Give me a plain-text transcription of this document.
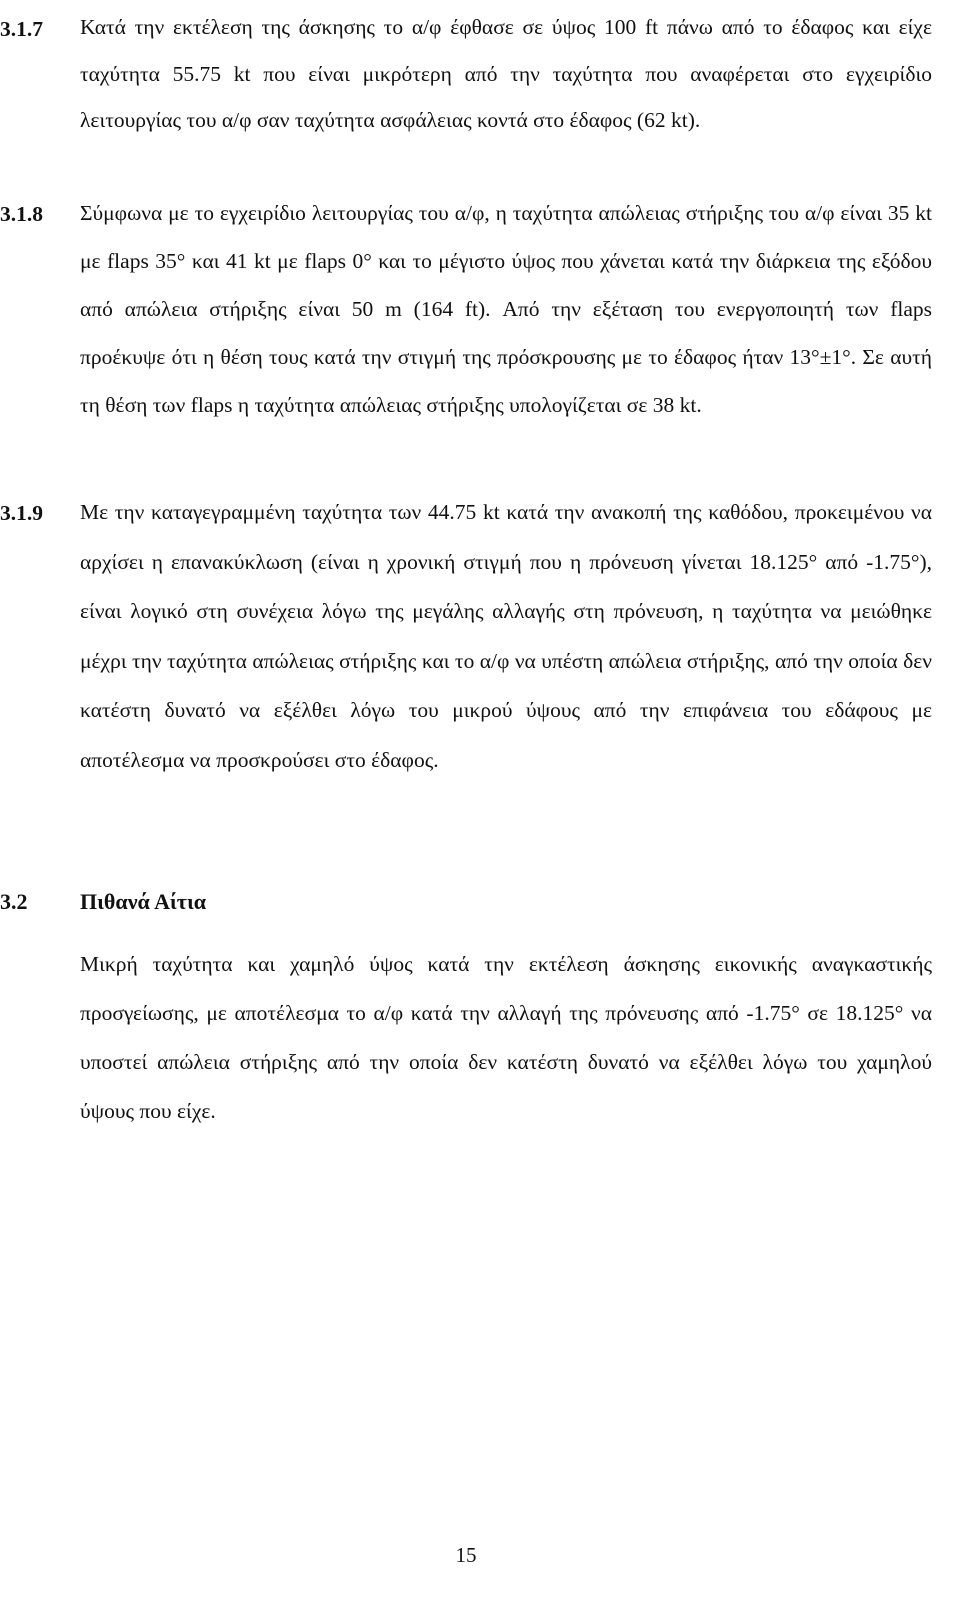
3.1.7 Κατά την εκτέλεση της άσκησης το α/φ έφθασε σε ύψος 100 ft πάνω από το έδαφος και είχε ταχύτητα 55.75 kt που είναι μικρότερη από την ταχύτητα που αναφέρεται στο εγχειρίδιο λειτουργίας του α/φ σαν ταχύτητα ασφάλειας κοντά στο έδαφος (62 kt).

3.1.8 Σύμφωνα με το εγχειρίδιο λειτουργίας του α/φ, η ταχύτητα απώλειας στήριξης του α/φ είναι 35 kt με flaps 35° και 41 kt με flaps 0° και το μέγιστο ύψος που χάνεται κατά την διάρκεια της εξόδου από απώλεια στήριξης είναι 50 m (164 ft). Από την εξέταση του ενεργοποιητή των flaps προέκυψε ότι η θέση τους κατά την στιγμή της πρόσκρουσης με το έδαφος ήταν 13°±1°. Σε αυτή τη θέση των flaps η ταχύτητα απώλειας στήριξης υπολογίζεται σε 38 kt.

3.1.9 Με την καταγεγραμμένη ταχύτητα των 44.75 kt κατά την ανακοπή της καθόδου, προκειμένου να αρχίσει η επανακύκλωση (είναι η χρονική στιγμή που η πρόνευση γίνεται 18.125° από -1.75°), είναι λογικό στη συνέχεια λόγω της μεγάλης αλλαγής στη πρόνευση, η ταχύτητα να μειώθηκε μέχρι την ταχύτητα απώλειας στήριξης και το α/φ να υπέστη απώλεια στήριξης, από την οποία δεν κατέστη δυνατό να εξέλθει λόγω του μικρού ύψους από την επιφάνεια του εδάφους με αποτέλεσμα να προσκρούσει στο έδαφος.

3.2 Πιθανά Αίτια

Μικρή ταχύτητα και χαμηλό ύψος κατά την εκτέλεση άσκησης εικονικής αναγκαστικής προσγείωσης, με αποτέλεσμα το α/φ κατά την αλλαγή της πρόνευσης από -1.75° σε 18.125° να υποστεί απώλεια στήριξης από την οποία δεν κατέστη δυνατό να εξέλθει λόγω του χαμηλού ύψους που είχε.

15
